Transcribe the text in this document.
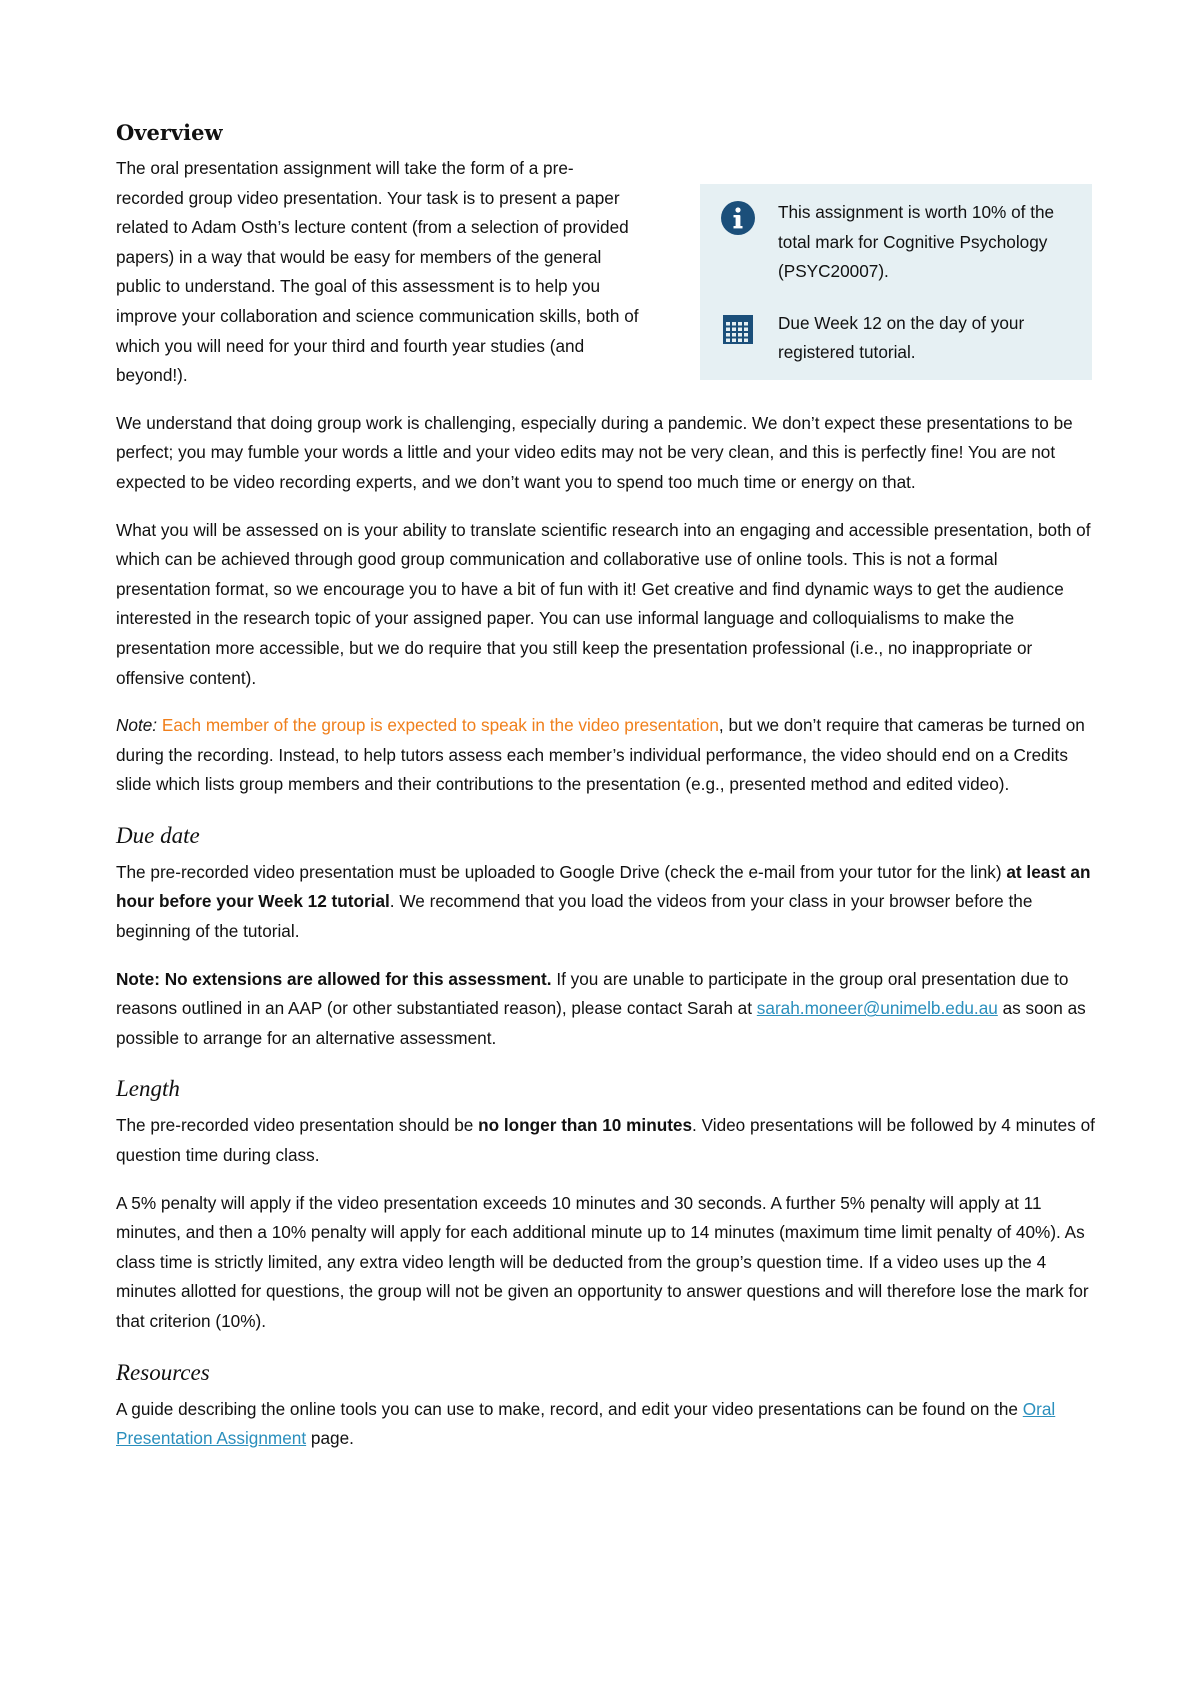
Overview

The oral presentation assignment will take the form of a pre-recorded group video presentation. Your task is to present a paper related to Adam Osth’s lecture content (from a selection of provided papers) in a way that would be easy for members of the general public to understand. The goal of this assessment is to help you improve your collaboration and science communication skills, both of which you will need for your third and fourth year studies (and beyond!).

This assignment is worth 10% of the total mark for Cognitive Psychology (PSYC20007).
Due Week 12 on the day of your registered tutorial.

We understand that doing group work is challenging, especially during a pandemic. We don’t expect these presentations to be perfect; you may fumble your words a little and your video edits may not be very clean, and this is perfectly fine! You are not expected to be video recording experts, and we don’t want you to spend too much time or energy on that.

What you will be assessed on is your ability to translate scientific research into an engaging and accessible presentation, both of which can be achieved through good group communication and collaborative use of online tools. This is not a formal presentation format, so we encourage you to have a bit of fun with it! Get creative and find dynamic ways to get the audience interested in the research topic of your assigned paper. You can use informal language and colloquialisms to make the presentation more accessible, but we do require that you still keep the presentation professional (i.e., no inappropriate or offensive content).

Note: Each member of the group is expected to speak in the video presentation, but we don’t require that cameras be turned on during the recording. Instead, to help tutors assess each member’s individual performance, the video should end on a Credits slide which lists group members and their contributions to the presentation (e.g., presented method and edited video).

Due date

The pre-recorded video presentation must be uploaded to Google Drive (check the e-mail from your tutor for the link) at least an hour before your Week 12 tutorial. We recommend that you load the videos from your class in your browser before the beginning of the tutorial.

Note: No extensions are allowed for this assessment. If you are unable to participate in the group oral presentation due to reasons outlined in an AAP (or other substantiated reason), please contact Sarah at sarah.moneer@unimelb.edu.au as soon as possible to arrange for an alternative assessment.

Length

The pre-recorded video presentation should be no longer than 10 minutes. Video presentations will be followed by 4 minutes of question time during class.

A 5% penalty will apply if the video presentation exceeds 10 minutes and 30 seconds. A further 5% penalty will apply at 11 minutes, and then a 10% penalty will apply for each additional minute up to 14 minutes (maximum time limit penalty of 40%). As class time is strictly limited, any extra video length will be deducted from the group’s question time. If a video uses up the 4 minutes allotted for questions, the group will not be given an opportunity to answer questions and will therefore lose the mark for that criterion (10%).

Resources

A guide describing the online tools you can use to make, record, and edit your video presentations can be found on the Oral Presentation Assignment page.
